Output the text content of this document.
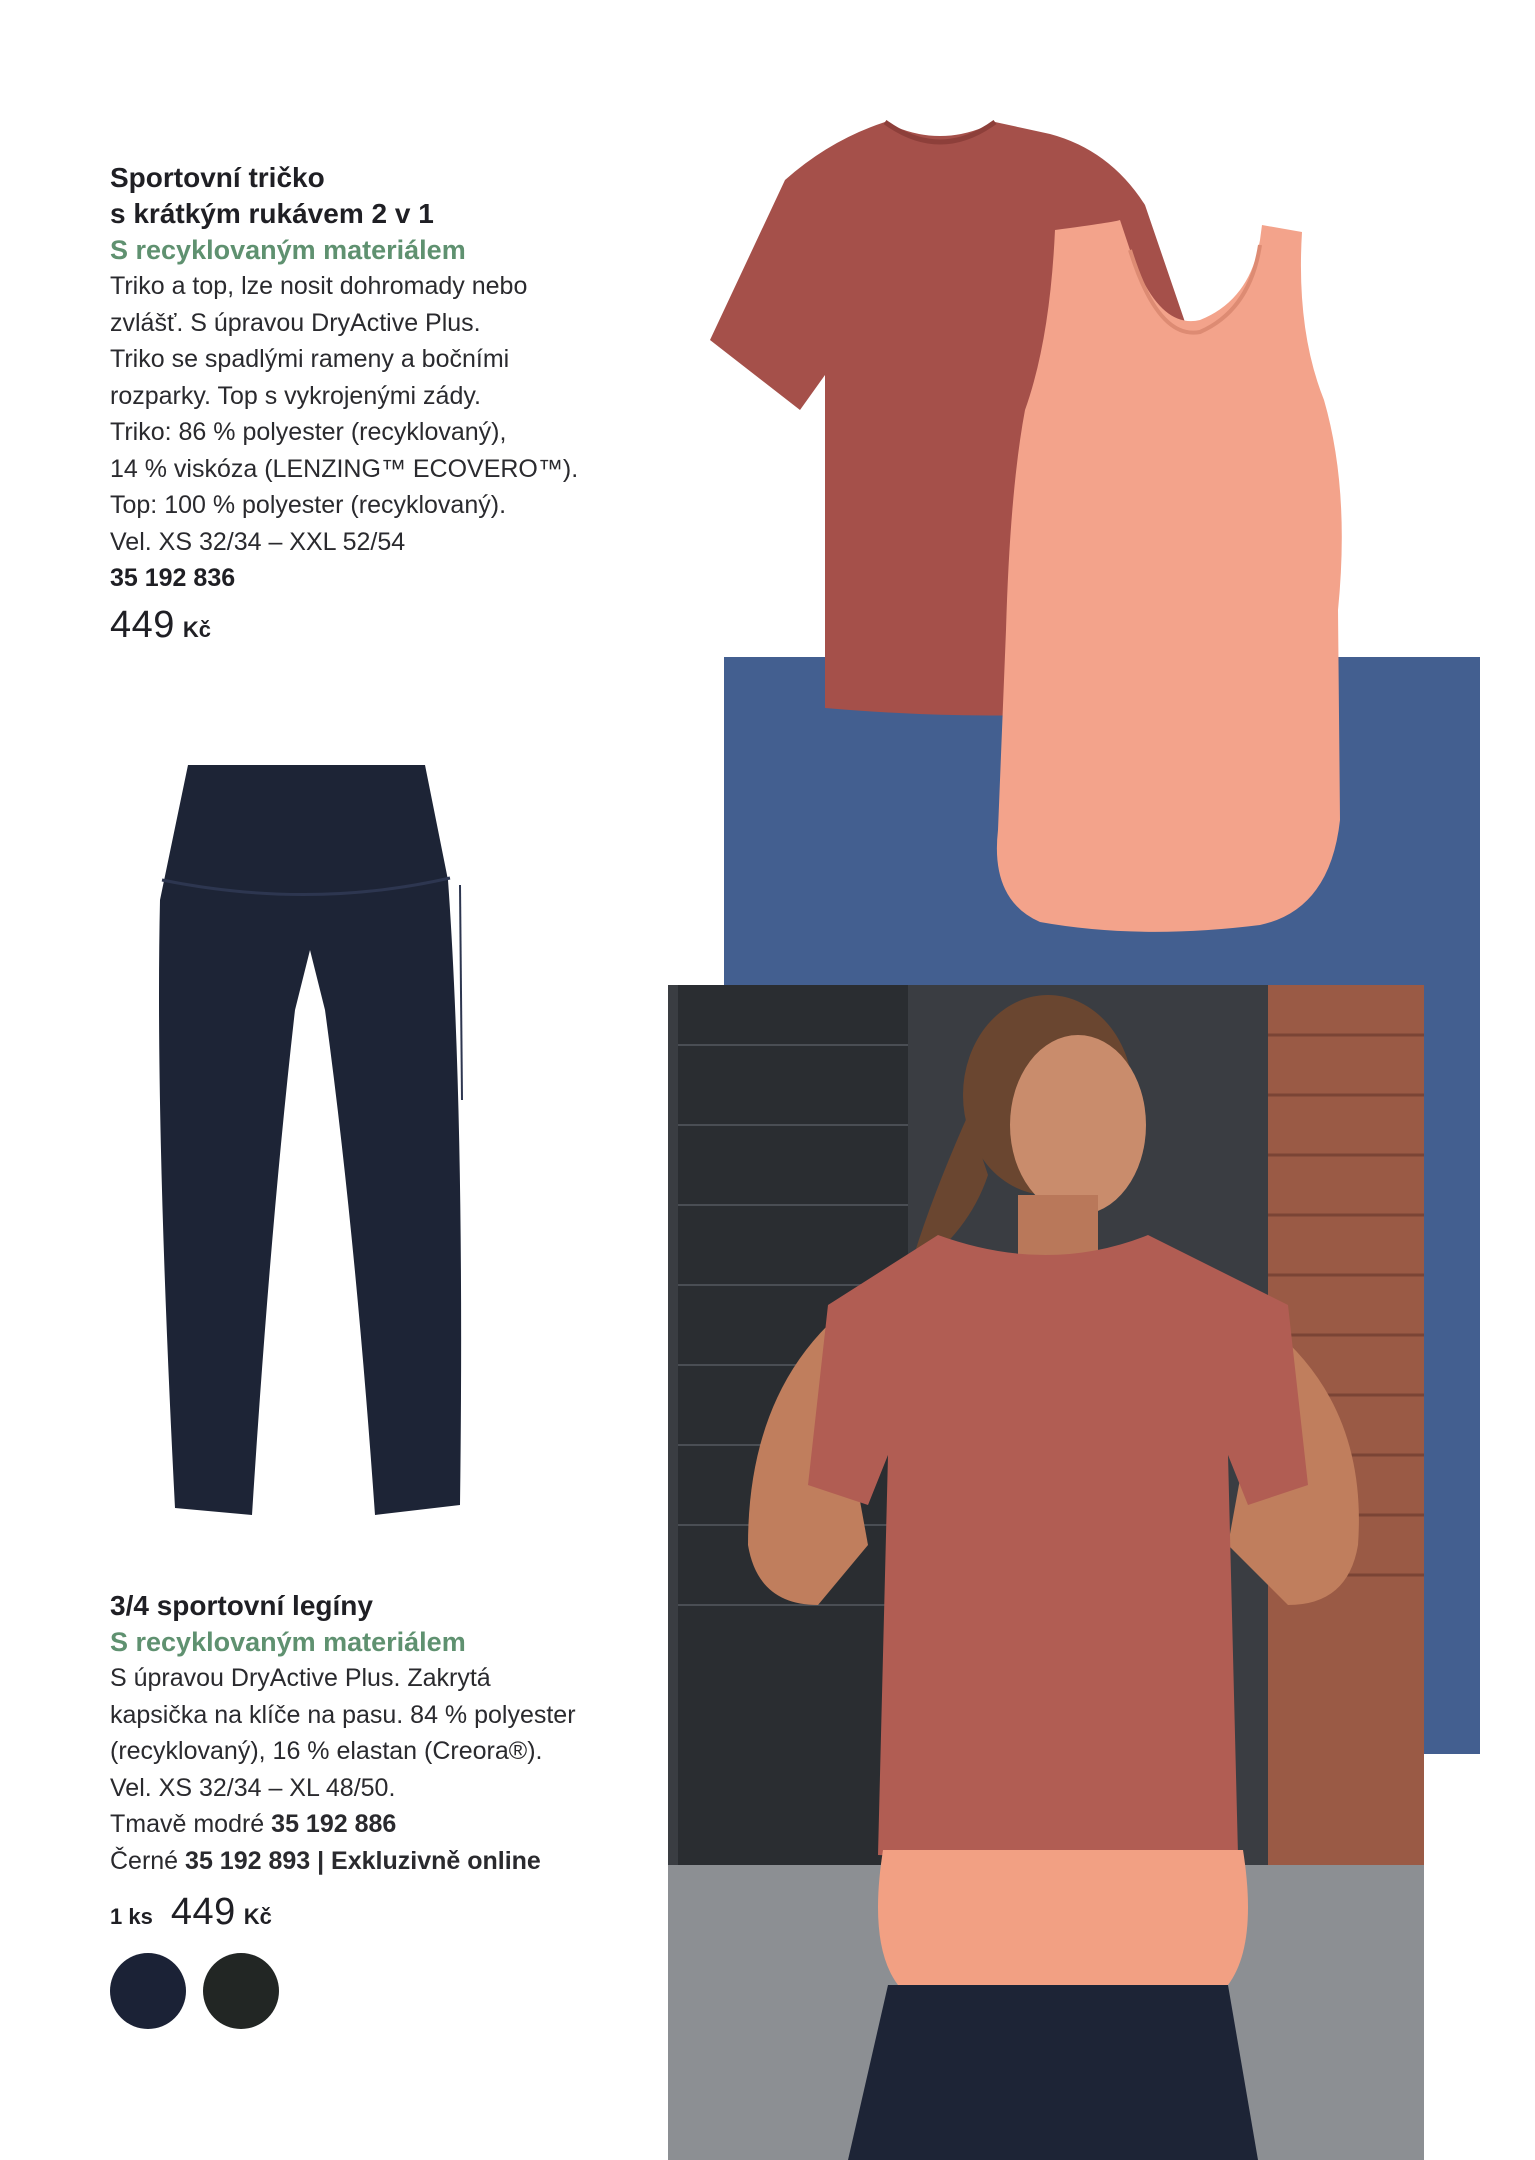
Sportovní tričko
s krátkým rukávem 2 v 1
S recyklovaným materiálem
Triko a top, lze nosit dohromady nebo
zvlášť. S úpravou DryActive Plus.
Triko se spadlými rameny a bočními
rozparky. Top s vykrojenými zády.
Triko: 86 % polyester (recyklovaný),
14 % viskóza (LENZING™ ECOVERO™).
Top: 100 % polyester (recyklovaný).
Vel. XS 32/34 – XXL 52/54
35 192 836
449 Kč
3/4 sportovní legíny
S recyklovaným materiálem
S úpravou DryActive Plus. Zakrytá
kapsička na klíče na pasu. 84 % polyester
(recyklovaný), 16 % elastan (Creora®).
Vel. XS 32/34 – XL 48/50.
Tmavě modré 35 192 886
Černé 35 192 893 | Exkluzivně online
1 ks 449 Kč
